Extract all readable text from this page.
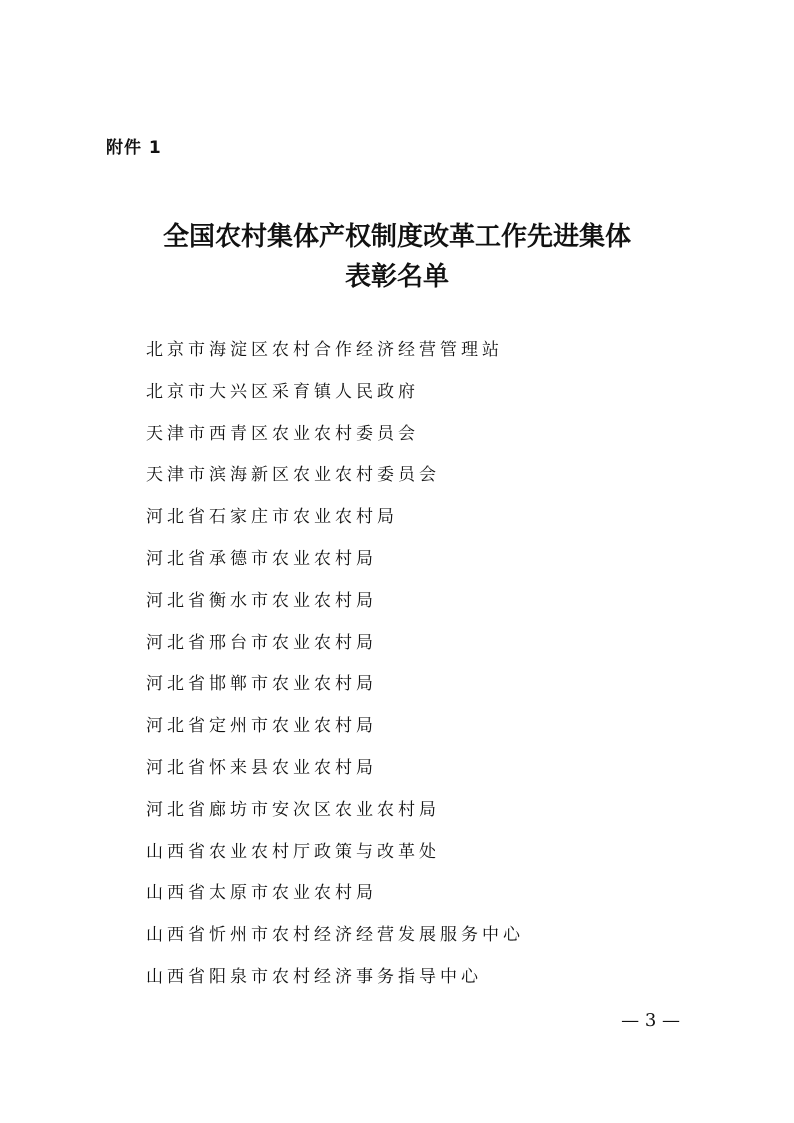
附件 1
全国农村集体产权制度改革工作先进集体
表彰名单
北京市海淀区农村合作经济经营管理站
北京市大兴区采育镇人民政府
天津市西青区农业农村委员会
天津市滨海新区农业农村委员会
河北省石家庄市农业农村局
河北省承德市农业农村局
河北省衡水市农业农村局
河北省邢台市农业农村局
河北省邯郸市农业农村局
河北省定州市农业农村局
河北省怀来县农业农村局
河北省廊坊市安次区农业农村局
山西省农业农村厅政策与改革处
山西省太原市农业农村局
山西省忻州市农村经济经营发展服务中心
山西省阳泉市农村经济事务指导中心
— 3 —
